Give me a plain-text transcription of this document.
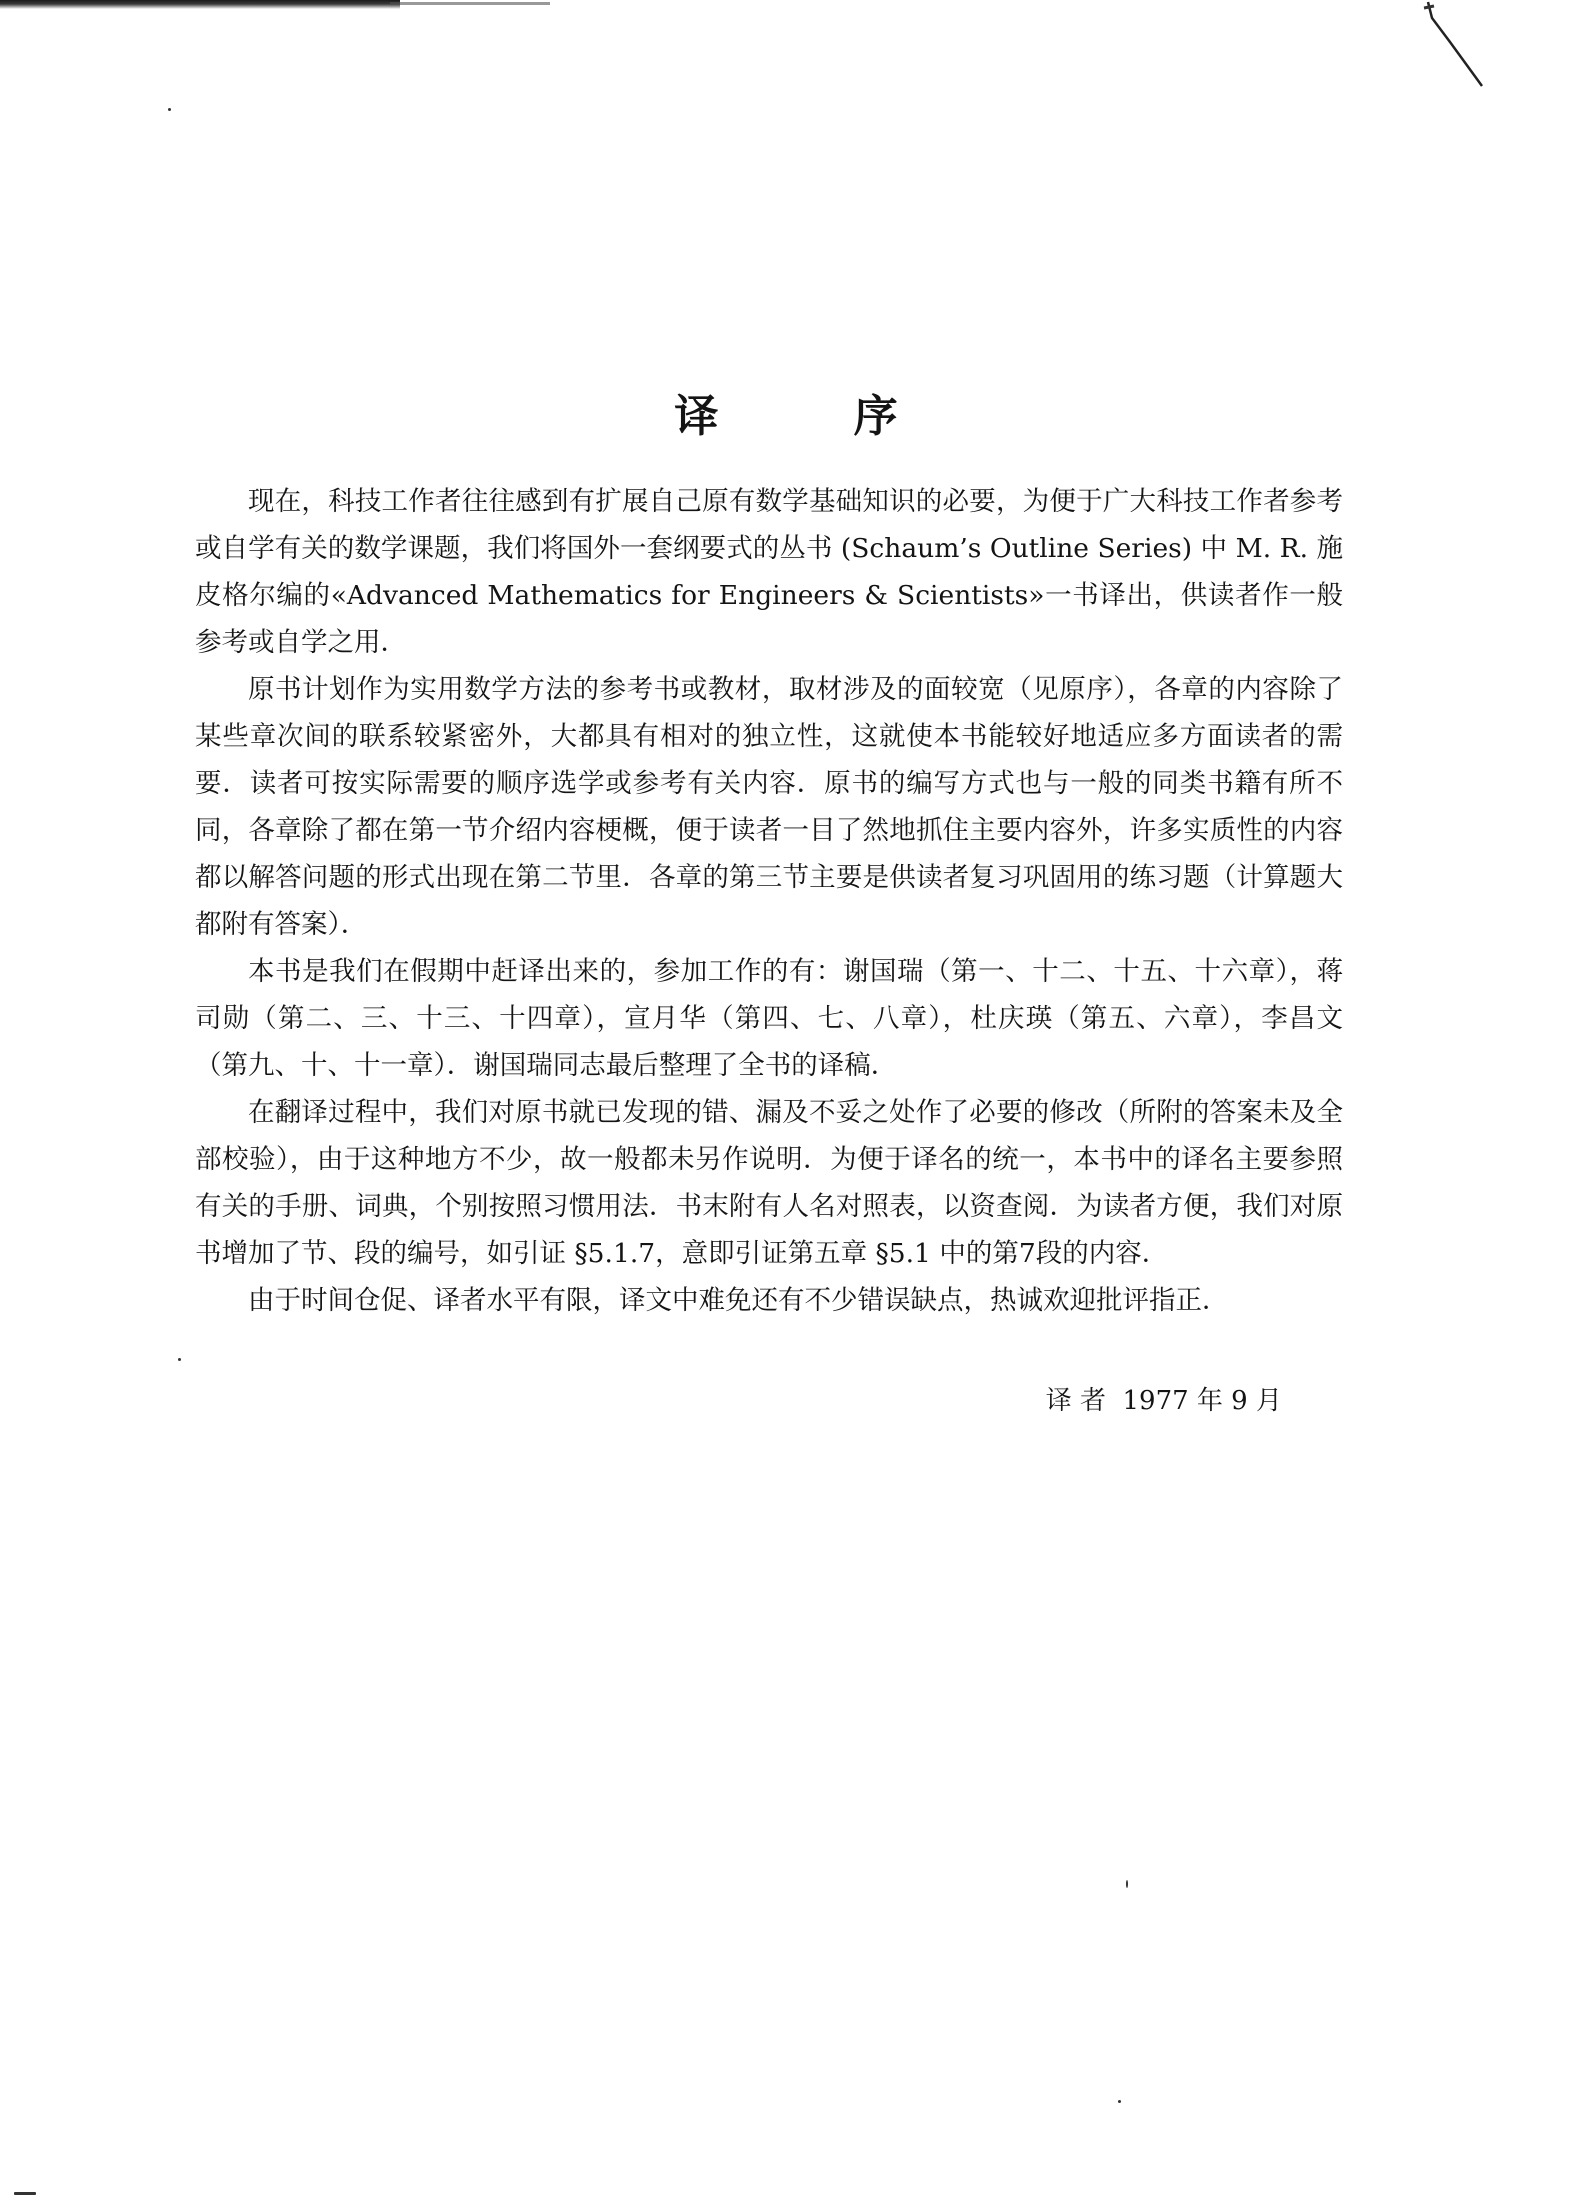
译 序

现在，科技工作者往往感到有扩展自己原有数学基础知识的必要，为便于广大科技工作者参考或自学有关的数学课题，我们将国外一套纲要式的丛书 (Schaum’s Outline Series) 中 M. R. 施皮格尔编的«Advanced Mathematics for Engineers & Scientists»一书译出，供读者作一般参考或自学之用．

原书计划作为实用数学方法的参考书或教材，取材涉及的面较宽（见原序），各章的内容除了某些章次间的联系较紧密外，大都具有相对的独立性，这就使本书能较好地适应多方面读者的需要．读者可按实际需要的顺序选学或参考有关内容．原书的编写方式也与一般的同类书籍有所不同，各章除了都在第一节介绍内容梗概，便于读者一目了然地抓住主要内容外，许多实质性的内容都以解答问题的形式出现在第二节里．各章的第三节主要是供读者复习巩固用的练习题（计算题大都附有答案）．

本书是我们在假期中赶译出来的，参加工作的有：谢国瑞（第一、十二、十五、十六章），蒋司勋（第二、三、十三、十四章），宣月华（第四、七、八章），杜庆瑛（第五、六章），李昌文（第九、十、十一章）．谢国瑞同志最后整理了全书的译稿．

在翻译过程中，我们对原书就已发现的错、漏及不妥之处作了必要的修改（所附的答案未及全部校验），由于这种地方不少，故一般都未另作说明．为便于译名的统一，本书中的译名主要参照有关的手册、词典，个别按照习惯用法．书末附有人名对照表，以资查阅．为读者方便，我们对原书增加了节、段的编号，如引证 §5.1.7，意即引证第五章 §5.1 中的第7段的内容．

由于时间仓促、译者水平有限，译文中难免还有不少错误缺点，热诚欢迎批评指正．

译 者  1977 年 9 月
